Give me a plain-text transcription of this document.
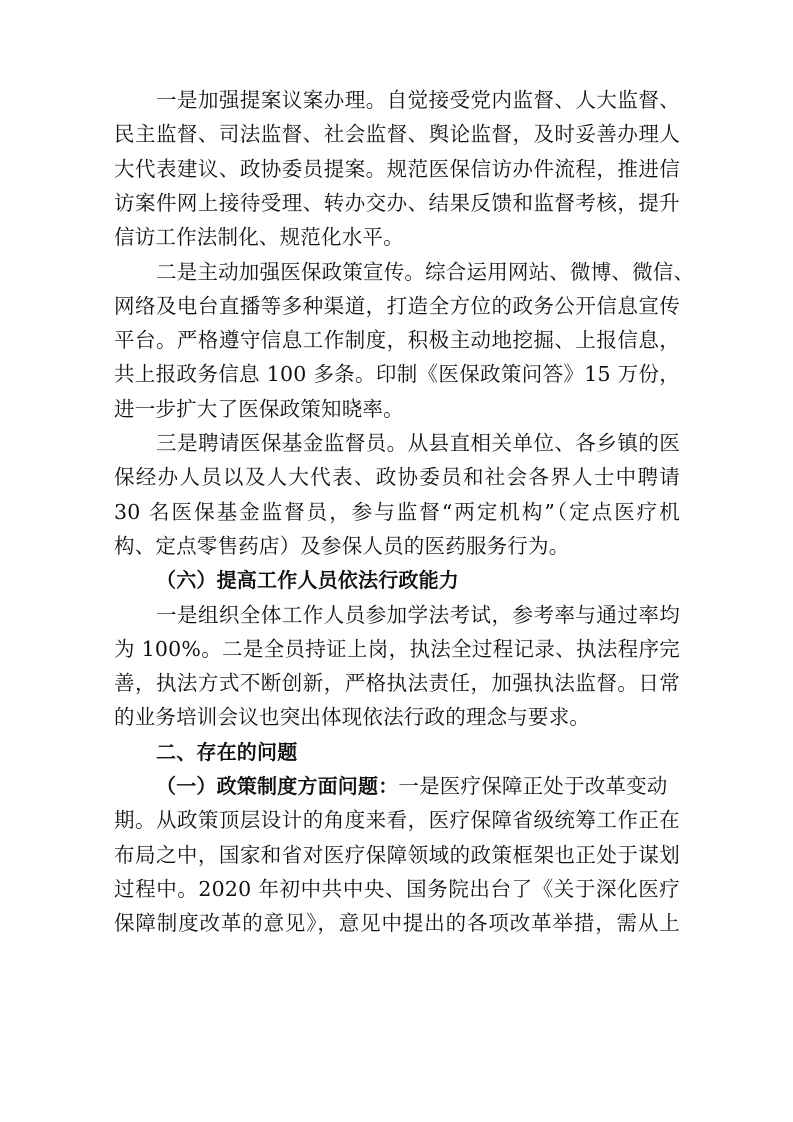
一是加强提案议案办理。自觉接受党内监督、人大监督、
民主监督、司法监督、社会监督、舆论监督，及时妥善办理人
大代表建议、政协委员提案。规范医保信访办件流程，推进信
访案件网上接待受理、转办交办、结果反馈和监督考核，提升
信访工作法制化、规范化水平。
二是主动加强医保政策宣传。综合运用网站、微博、微信、
网络及电台直播等多种渠道，打造全方位的政务公开信息宣传
平台。严格遵守信息工作制度，积极主动地挖掘、上报信息，
共上报政务信息 100 多条。印制《医保政策问答》15 万份，
进一步扩大了医保政策知晓率。
三是聘请医保基金监督员。从县直相关单位、各乡镇的医
保经办人员以及人大代表、政协委员和社会各界人士中聘请
30 名医保基金监督员，参与监督“两定机构”（定点医疗机
构、定点零售药店）及参保人员的医药服务行为。
（六）提高工作人员依法行政能力
一是组织全体工作人员参加学法考试，参考率与通过率均
为 100%。二是全员持证上岗，执法全过程记录、执法程序完
善，执法方式不断创新，严格执法责任，加强执法监督。日常
的业务培训会议也突出体现依法行政的理念与要求。
二、存在的问题
（一）政策制度方面问题：一是医疗保障正处于改革变动
期。从政策顶层设计的角度来看，医疗保障省级统筹工作正在
布局之中，国家和省对医疗保障领域的政策框架也正处于谋划
过程中。2020 年初中共中央、国务院出台了《关于深化医疗
保障制度改革的意见》，意见中提出的各项改革举措，需从上
